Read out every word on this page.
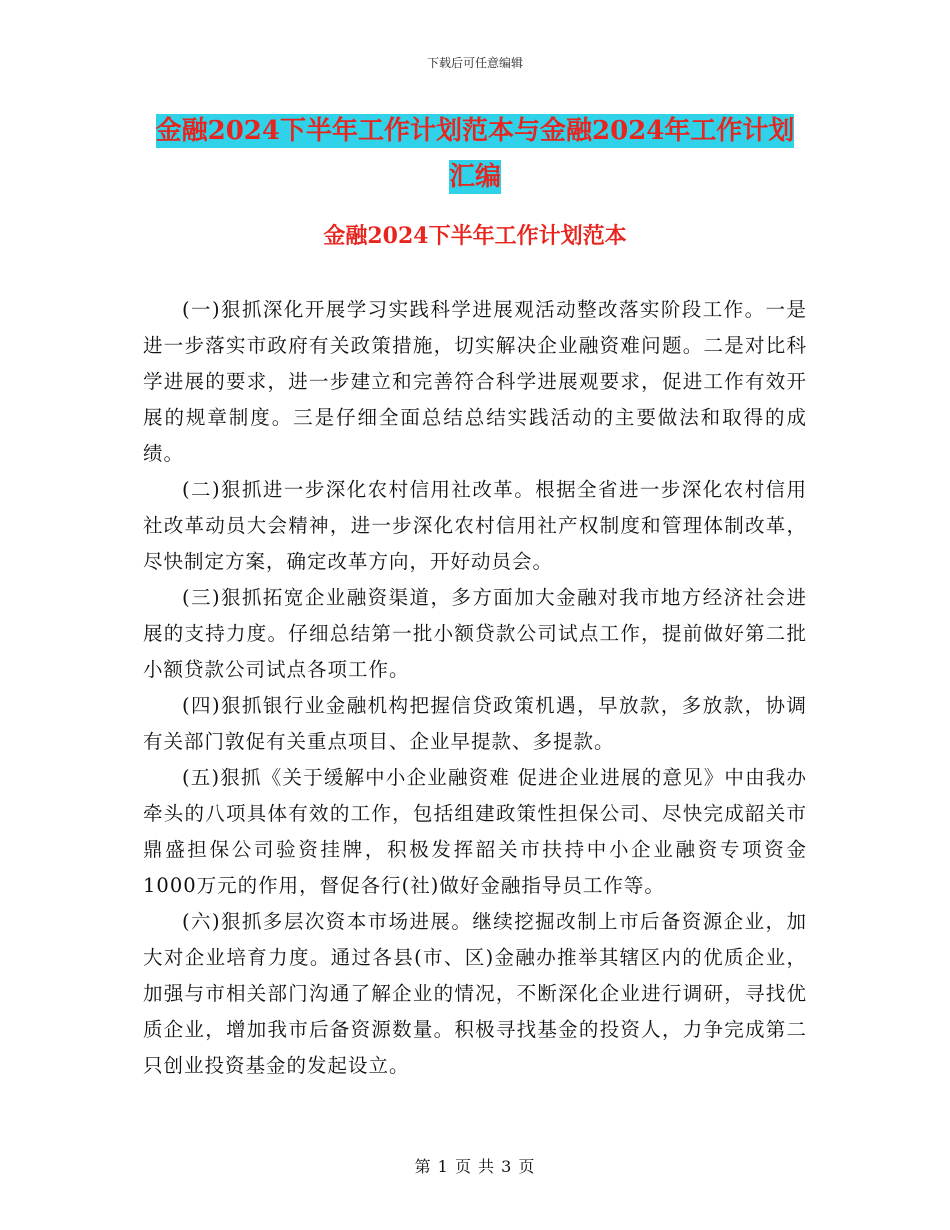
下载后可任意编辑
金融2024下半年工作计划范本与金融2024年工作计划汇编
金融2024下半年工作计划范本

(一)狠抓深化开展学习实践科学进展观活动整改落实阶段工作。一是进一步落实市政府有关政策措施，切实解决企业融资难问题。二是对比科学进展的要求，进一步建立和完善符合科学进展观要求，促进工作有效开展的规章制度。三是仔细全面总结总结实践活动的主要做法和取得的成绩。

(二)狠抓进一步深化农村信用社改革。根据全省进一步深化农村信用社改革动员大会精神，进一步深化农村信用社产权制度和管理体制改革，尽快制定方案，确定改革方向，开好动员会。

(三)狠抓拓宽企业融资渠道，多方面加大金融对我市地方经济社会进展的支持力度。仔细总结第一批小额贷款公司试点工作，提前做好第二批小额贷款公司试点各项工作。

(四)狠抓银行业金融机构把握信贷政策机遇，早放款，多放款，协调有关部门敦促有关重点项目、企业早提款、多提款。

(五)狠抓《关于缓解中小企业融资难 促进企业进展的意见》中由我办牵头的八项具体有效的工作，包括组建政策性担保公司、尽快完成韶关市鼎盛担保公司验资挂牌，积极发挥韶关市扶持中小企业融资专项资金1000万元的作用，督促各行(社)做好金融指导员工作等。

(六)狠抓多层次资本市场进展。继续挖掘改制上市后备资源企业，加大对企业培育力度。通过各县(市、区)金融办推举其辖区内的优质企业，加强与市相关部门沟通了解企业的情况，不断深化企业进行调研，寻找优质企业，增加我市后备资源数量。积极寻找基金的投资人，力争完成第二只创业投资基金的发起设立。

第 1 页 共 3 页
